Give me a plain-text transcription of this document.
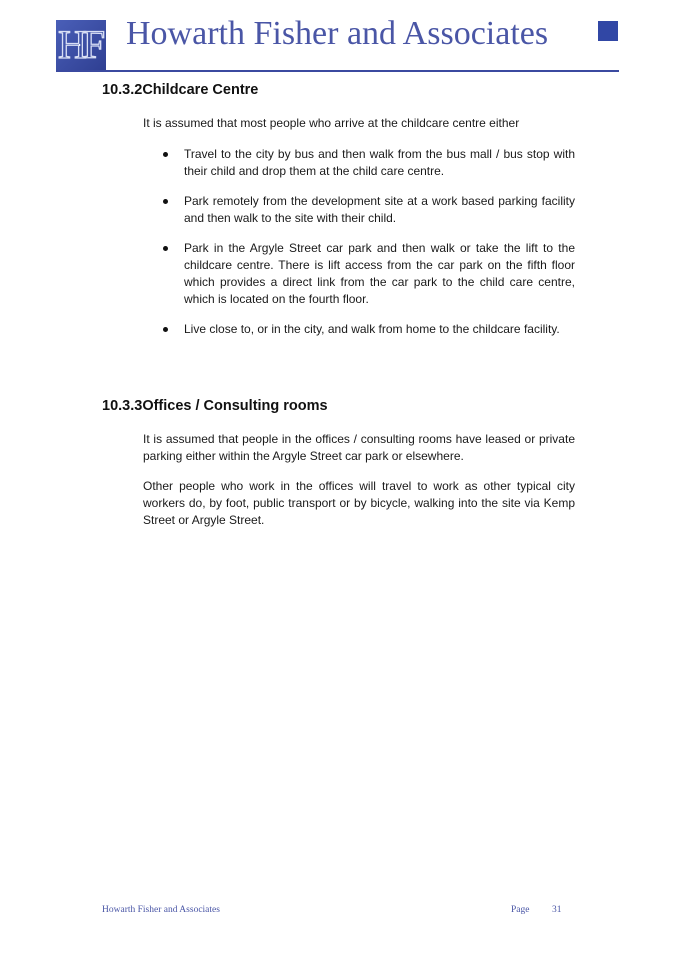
HF Howarth Fisher and Associates
10.3.2Childcare Centre

It is assumed that most people who arrive at the childcare centre either

Travel to the city by bus and then walk from the bus mall / bus stop with their child and drop them at the child care centre.
Park remotely from the development site at a work based parking facility and then walk to the site with their child.
Park in the Argyle Street car park and then walk or take the lift to the childcare centre. There is lift access from the car park on the fifth floor which provides a direct link from the car park to the child care centre, which is located on the fourth floor.
Live close to, or in the city, and walk from home to the childcare facility.
10.3.3Offices / Consulting rooms

It is assumed that people in the offices / consulting rooms have leased or private parking either within the Argyle Street car park or elsewhere.

Other people who work in the offices will travel to work as other typical city workers do, by foot, public transport or by bicycle, walking into the site via Kemp Street or Argyle Street.

Howarth Fisher and Associates	Page 31
